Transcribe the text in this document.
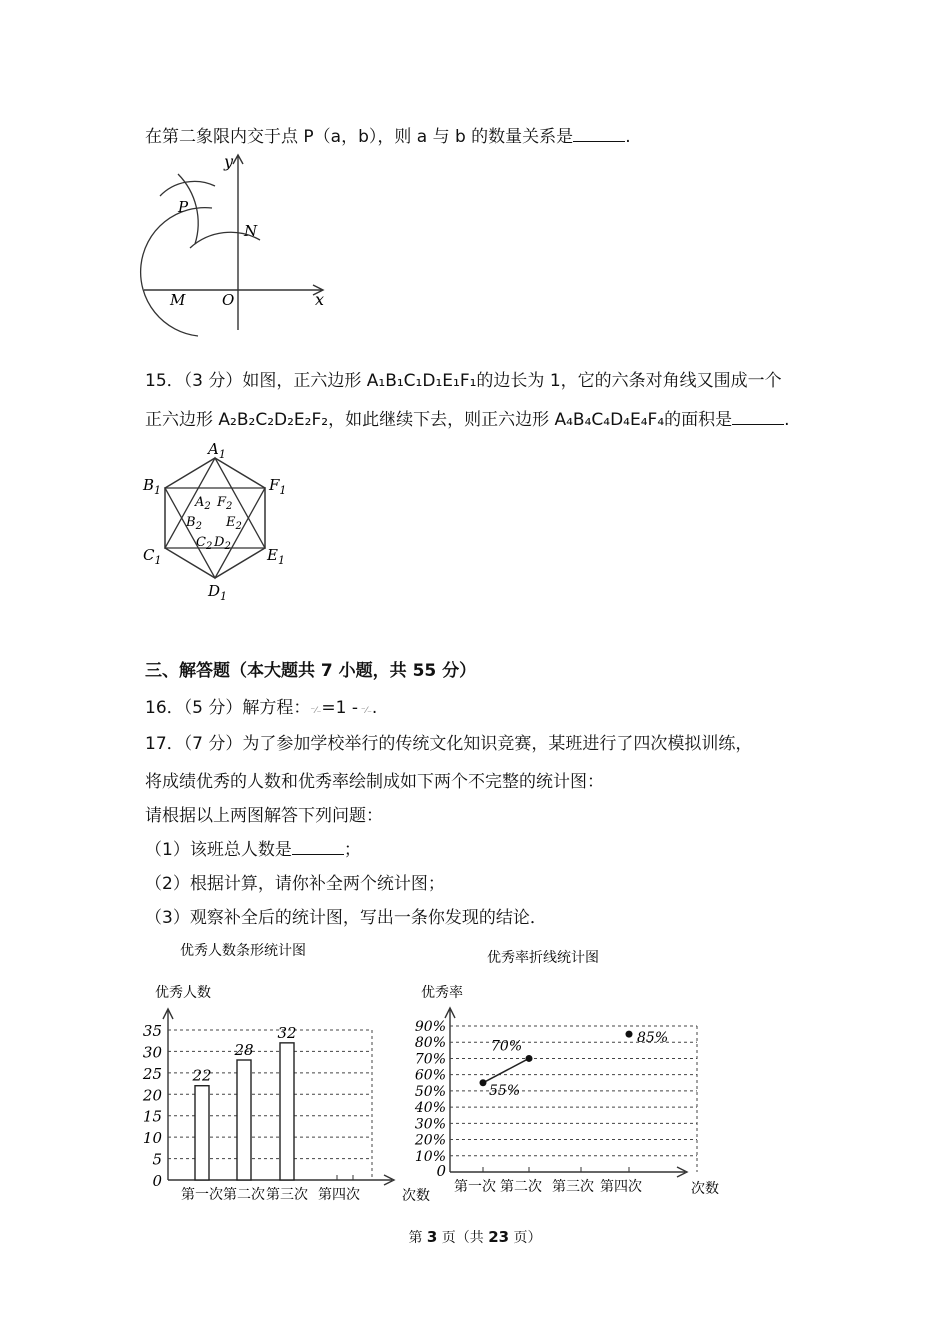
在第二象限内交于点 P（a，b），则 a 与 b 的数量关系是	.
y
x
P
N
M O
15．（3 分）如图，正六边形 A₁B₁C₁D₁E₁F₁的边长为 1，它的六条对角线又围成一个
正六边形 A₂B₂C₂D₂E₂F₂，如此继续下去，则正六边形 A₄B₄C₄D₄E₄F₄的面积是	.
$A_1$
$B_1$	$F_1$
$C_1$	$E_1$
$D_1$
$A_2$ $F_2$
$B_2$ $E_2$
$C_2$ $D_2$
三、解答题（本大题共 7 小题，共 55 分）
16．（5 分）解方程：⁻⁄₋=1 - ⁻⁄₋.
17．（7 分）为了参加学校举行的传统文化知识竞赛，某班进行了四次模拟训练，
将成绩优秀的人数和优秀率绘制成如下两个不完整的统计图：
请根据以上两图解答下列问题：
（1）该班总人数是	；
（2）根据计算，请你补全两个统计图；
（3）观察补全后的统计图，写出一条你发现的结论．
优秀人数条形统计图
优秀人数
0
5
10
15
20
25
30
35
第一次
22
第二次
28
第三次
32
第四次	次数
优秀率折线统计图
优秀率
0
10%
20%
30%
40%
50%
60%
70%
80%
90%
第一次 第二次 第三次 第四次
55%
70%
85%
次数
第 3 页（共 23 页）
